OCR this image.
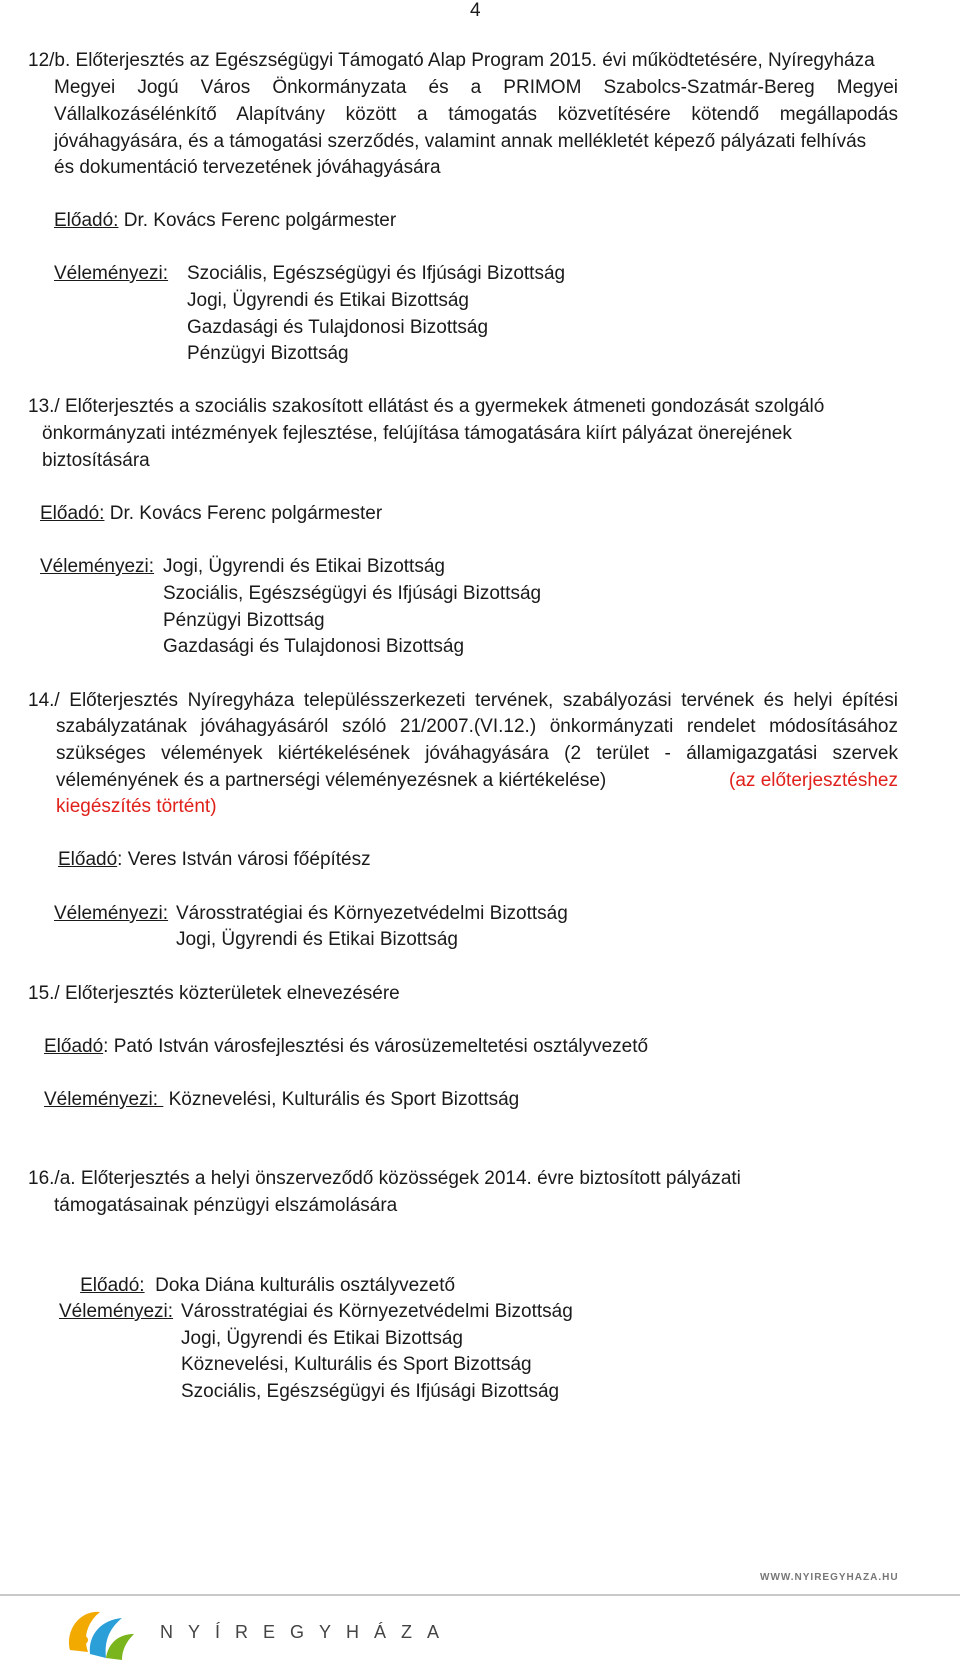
4
12/b. Előterjesztés az Egészségügyi Támogató Alap Program 2015. évi működtetésére, Nyíregyháza
Megyei Jogú Város Önkormányzata és a PRIMOM Szabolcs-Szatmár-Bereg Megyei
Vállalkozásélénkítő Alapítvány között a támogatás közvetítésére kötendő megállapodás
jóváhagyására, és a támogatási szerződés, valamint annak mellékletét képező pályázati felhívás
és dokumentáció tervezetének jóváhagyására
Előadó: Dr. Kovács Ferenc polgármester
Véleményezi: Szociális, Egészségügyi és Ifjúsági Bizottság
Jogi, Ügyrendi és Etikai Bizottság
Gazdasági és Tulajdonosi Bizottság
Pénzügyi Bizottság
13./ Előterjesztés a szociális szakosított ellátást és a gyermekek átmeneti gondozását szolgáló
önkormányzati intézmények fejlesztése, felújítása támogatására kiírt pályázat önerejének
biztosítására
Előadó: Dr. Kovács Ferenc polgármester
Véleményezi: Jogi, Ügyrendi és Etikai Bizottság
Szociális, Egészségügyi és Ifjúsági Bizottság
Pénzügyi Bizottság
Gazdasági és Tulajdonosi Bizottság
14./ Előterjesztés Nyíregyháza településszerkezeti tervének, szabályozási tervének és helyi építési
szabályzatának jóváhagyásáról szóló 21/2007.(VI.12.) önkormányzati rendelet módosításához
szükséges vélemények kiértékelésének jóváhagyására (2 terület - államigazgatási szervek
véleményének és a partnerségi véleményezésnek a kiértékelése)	(az előterjesztéshez
kiegészítés történt)
Előadó: Veres István városi főépítész
Véleményezi: Városstratégiai és Környezetvédelmi Bizottság
Jogi, Ügyrendi és Etikai Bizottság
15./ Előterjesztés közterületek elnevezésére
Előadó: Pató István városfejlesztési és városüzemeltetési osztályvezető
Véleményezi:  Köznevelési, Kulturális és Sport Bizottság
16./a. Előterjesztés a helyi önszerveződő közösségek 2014. évre biztosított pályázati
támogatásainak pénzügyi elszámolására

Előadó:  Doka Diána kulturális osztályvezető

Véleményezi: Városstratégiai és Környezetvédelmi Bizottság
Jogi, Ügyrendi és Etikai Bizottság
Köznevelési, Kulturális és Sport Bizottság
Szociális, Egészségügyi és Ifjúsági Bizottság
WWW.NYIREGYHAZA.HU
NYÍREGYHÁZA
